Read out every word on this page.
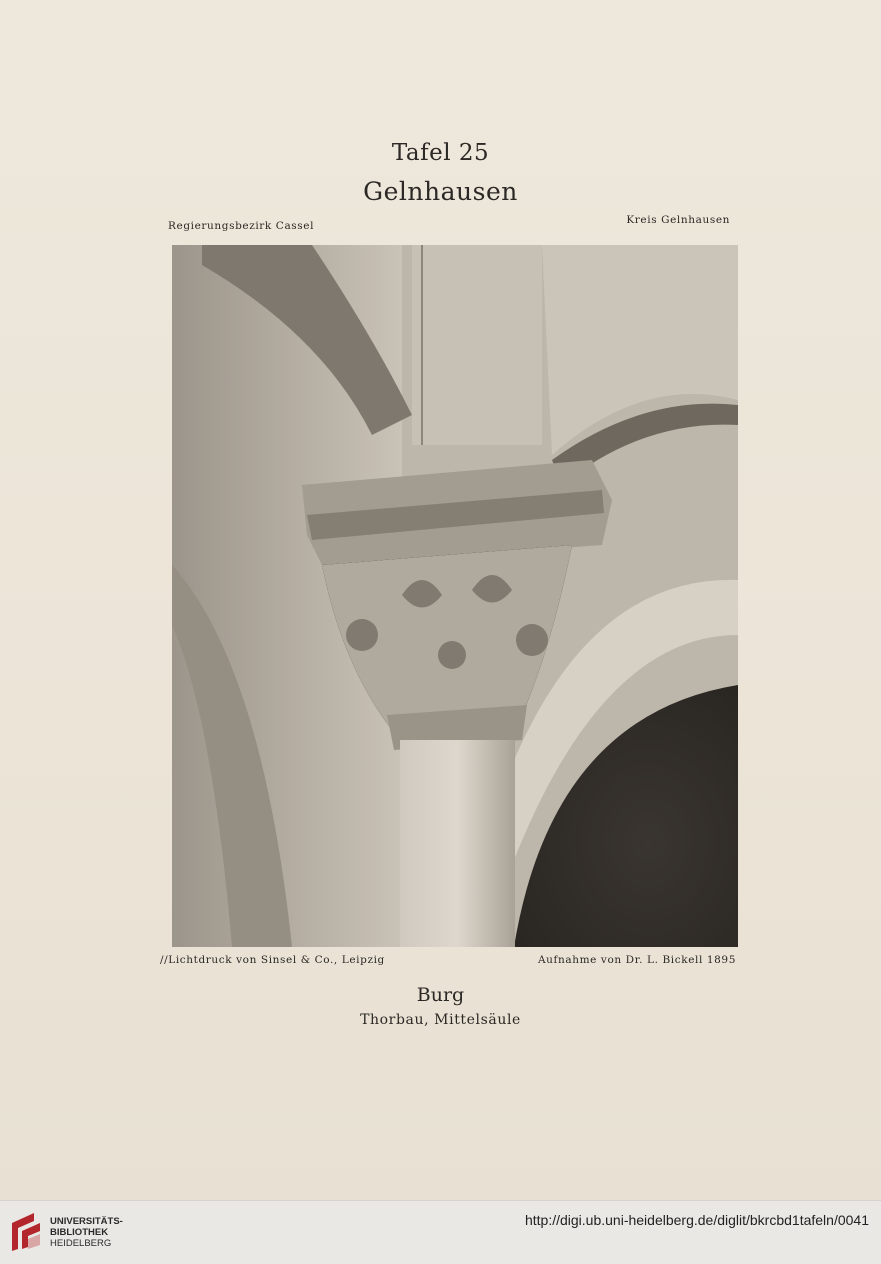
Tafel 25
Gelnhausen
Regierungsbezirk Cassel	Kreis Gelnhausen
//Lichtdruck von Sinsel & Co., Leipzig	Aufnahme von Dr. L. Bickell 1895
Burg
Thorbau, Mittelsäule
UNIVERSITÄTS-
BIBLIOTHEK
HEIDELBERG
http://digi.ub.uni-heidelberg.de/diglit/bkrcbd1tafeln/0041
